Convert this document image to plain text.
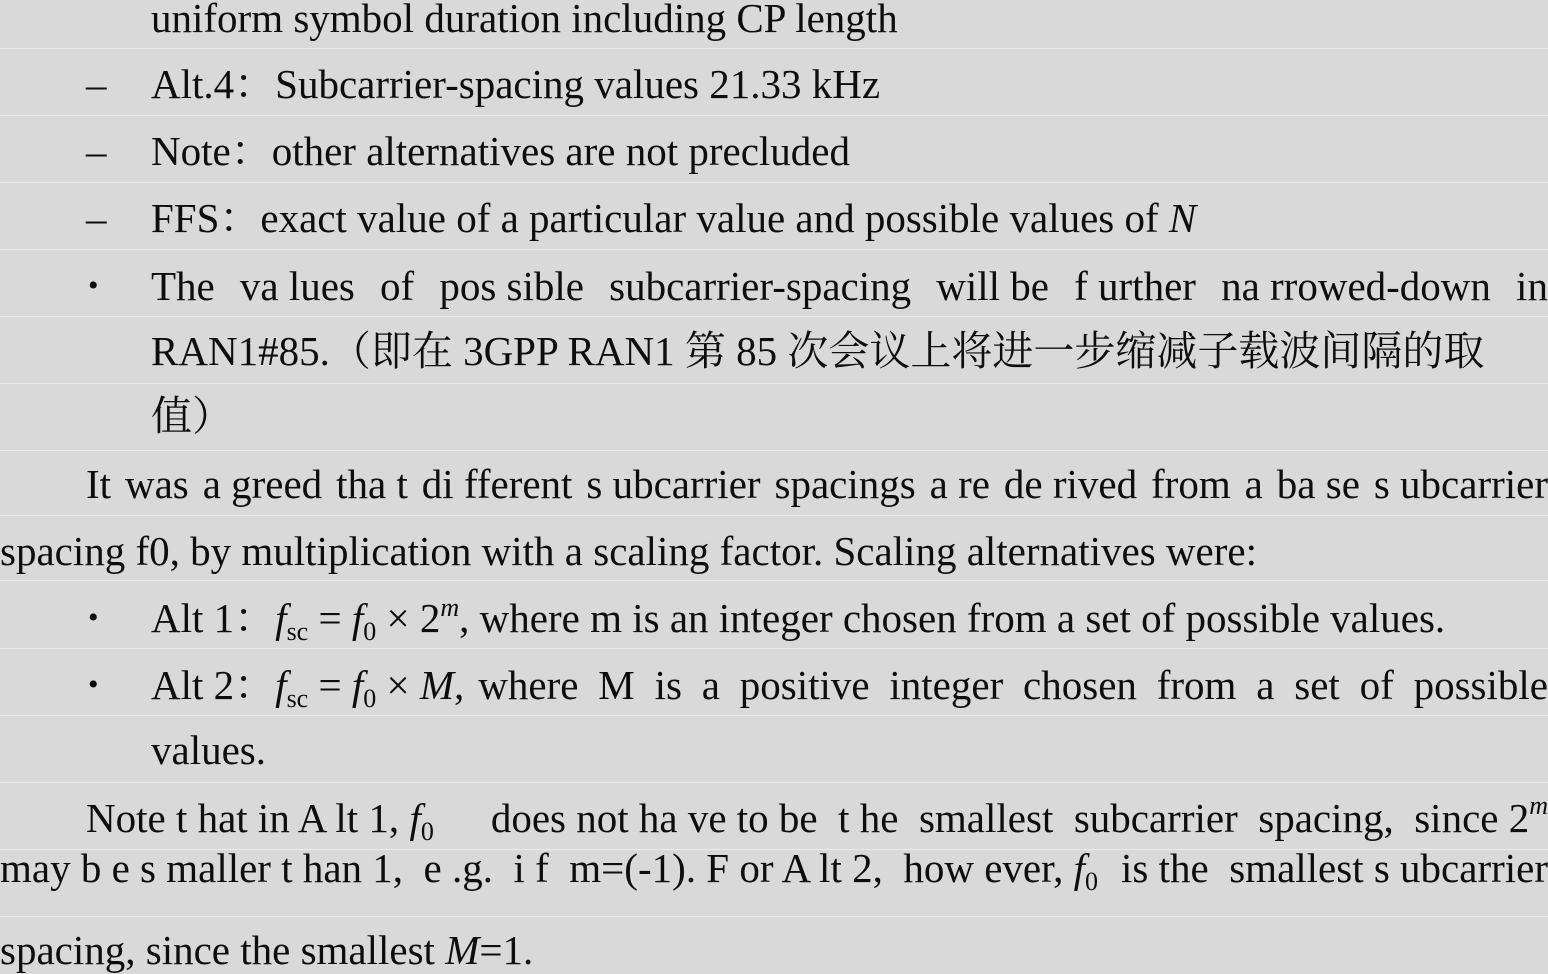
uniform symbol duration including CP length
– Alt.4：Subcarrier-spacing values 21.33 kHz
– Note：other alternatives are not precluded
– FFS：exact value of a particular value and possible values of N
• The va lues of pos sible subcarrier-spacing will be f urther na rrowed-down in
RAN1#85.（即在 3GPP RAN1 第 85 次会议上将进一步缩减子载波间隔的取
值）
It was a greed tha t di fferent s ubcarrier spacings a re de rived from a ba se s ubcarrier
spacing f0, by multiplication with a scaling factor. Scaling alternatives were:
• Alt 1：$f_{sc} = f_0 \times 2^m$, where m is an integer chosen from a set of possible values.
• Alt 2：$f_{sc} = f_0 \times M$, where M is a positive integer chosen from a set of possible
values.
Note t hat in A lt 1, $f_0$ does not ha ve to be  t he  smallest  subcarrier  spacing,  since 2$^m$
may b e s maller t han 1,  e .g.  i f  m=(-1). F or A lt 2,  how ever, $f_0$ is the  smallest s ubcarrier
spacing, since the smallest M=1.
